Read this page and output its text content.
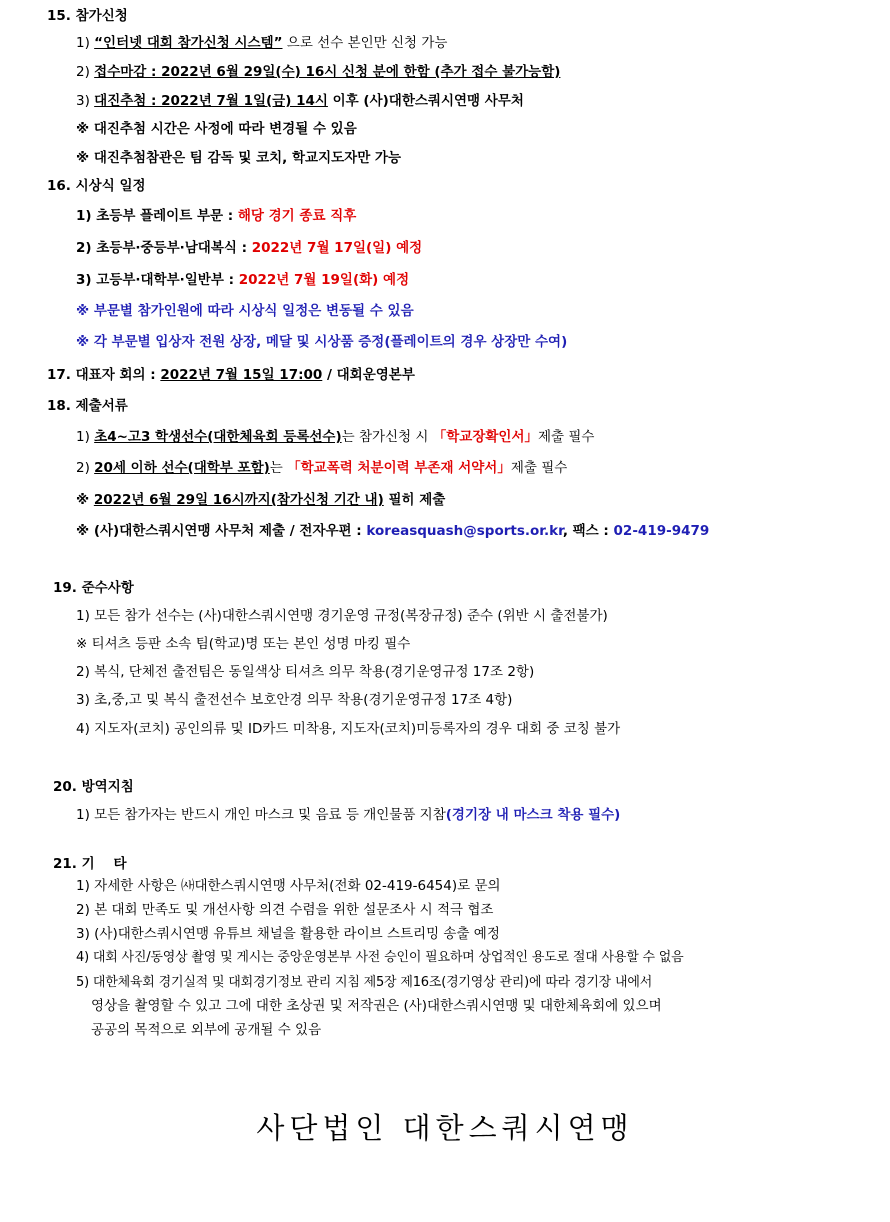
15. 참가신청
1) “인터넷 대회 참가신청 시스템” 으로 선수 본인만 신청 가능
2) 접수마감 : 2022년 6월 29일(수) 16시 신청 분에 한함 (추가 접수 불가능함)
3) 대진추첨 : 2022년 7월 1일(금) 14시 이후 (사)대한스쿼시연맹 사무처
※ 대진추첨 시간은 사정에 따라 변경될 수 있음
※ 대진추첨참관은 팀 감독 및 코치, 학교지도자만 가능
16. 시상식 일정
1) 초등부 플레이트 부문 : 해당 경기 종료 직후
2) 초등부·중등부·남대복식 : 2022년 7월 17일(일) 예정
3) 고등부·대학부·일반부 : 2022년 7월 19일(화) 예정
※ 부문별 참가인원에 따라 시상식 일정은 변동될 수 있음
※ 각 부문별 입상자 전원 상장, 메달 및 시상품 증정(플레이트의 경우 상장만 수여)
17. 대표자 회의 : 2022년 7월 15일 17:00 / 대회운영본부
18. 제출서류
1) 초4~고3 학생선수(대한체육회 등록선수)는 참가신청 시 「학교장확인서」제출 필수
2) 20세 이하 선수(대학부 포함)는 「학교폭력 처분이력 부존재 서약서」제출 필수
※ 2022년 6월 29일 16시까지(참가신청 기간 내) 필히 제출
※ (사)대한스쿼시연맹 사무처 제출 / 전자우편 : koreasquash@sports.or.kr, 팩스 : 02-419-9479
19. 준수사항
1) 모든 참가 선수는 (사)대한스쿼시연맹 경기운영 규정(복장규정) 준수 (위반 시 출전불가)
※ 티셔츠 등판 소속 팀(학교)명 또는 본인 성명 마킹 필수
2) 복식, 단체전 출전팀은 동일색상 티셔츠 의무 착용(경기운영규정 17조 2항)
3) 초,중,고 및 복식 출전선수 보호안경 의무 착용(경기운영규정 17조 4항)
4) 지도자(코치) 공인의류 및 ID카드 미착용, 지도자(코치)미등록자의 경우 대회 중 코칭 불가
20. 방역지침
1) 모든 참가자는 반드시 개인 마스크 및 음료 등 개인물품 지참(경기장 내 마스크 착용 필수)
21. 기    타
1) 자세한 사항은 ㈔대한스쿼시연맹 사무처(전화 02-419-6454)로 문의
2) 본 대회 만족도 및 개선사항 의견 수렴을 위한 설문조사 시 적극 협조
3) (사)대한스쿼시연맹 유튜브 채널을 활용한 라이브 스트리밍 송출 예정
4) 대회 사진/동영상 촬영 및 게시는 중앙운영본부 사전 승인이 필요하며 상업적인 용도로 절대 사용할 수 없음
5) 대한체육회 경기실적 및 대회경기정보 관리 지침 제5장 제16조(경기영상 관리)에 따라 경기장 내에서
영상을 촬영할 수 있고 그에 대한 초상권 및 저작권은 (사)대한스쿼시연맹 및 대한체육회에 있으며
공공의 목적으로 외부에 공개될 수 있음
사단법인 대한스쿼시연맹
